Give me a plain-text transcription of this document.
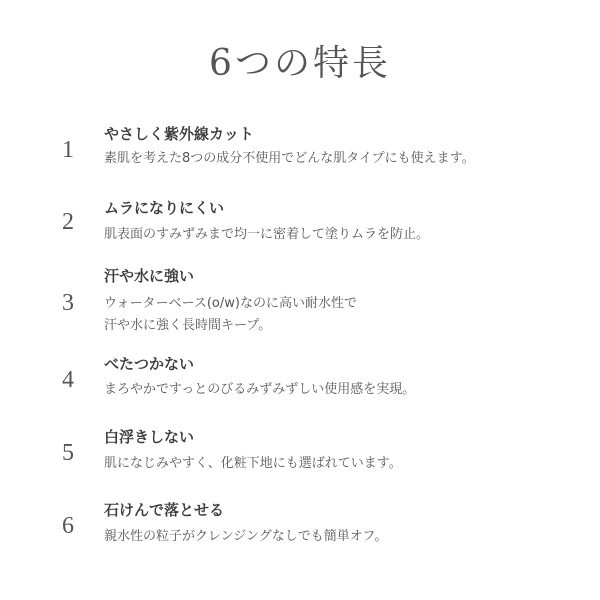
6つの特長
1
やさしく紫外線カット
素肌を考えた8つの成分不使用でどんな肌タイプにも使えます。
2
ムラになりにくい
肌表面のすみずみまで均一に密着して塗りムラを防止。
3
汗や水に強い
ウォーターベース(o/w)なのに高い耐水性で
汗や水に強く長時間キープ。
4
べたつかない
まろやかですっとのびるみずみずしい使用感を実現。
5
白浮きしない
肌になじみやすく、化粧下地にも選ばれています。
6
石けんで落とせる
親水性の粒子がクレンジングなしでも簡単オフ。
